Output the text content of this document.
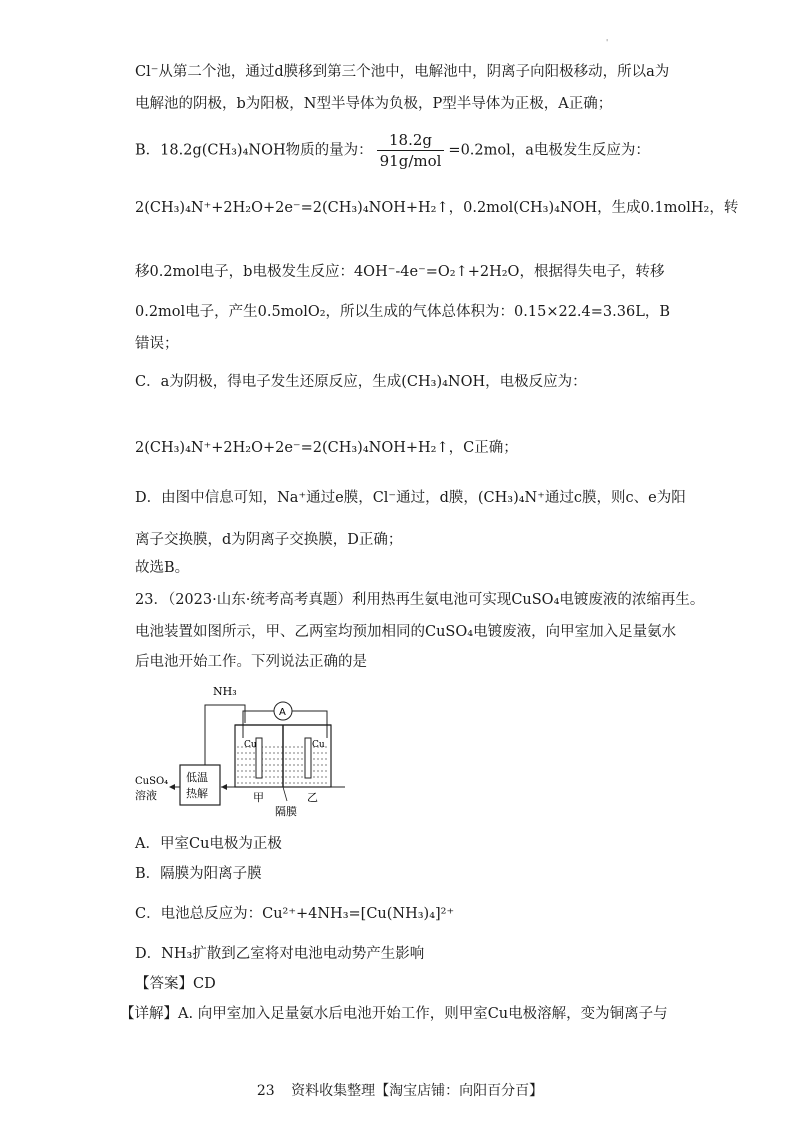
'
Cl⁻从第二个池，通过d膜移到第三个池中，电解池中，阴离子向阳极移动，所以a为
电解池的阴极，b为阳极，N型半导体为负极，P型半导体为正极，A正确；
B．18.2g(CH₃)₄NOH物质的量为： $\frac{18.2g}{\text{91g/mol}} =0.2mol$，a电极发生反应为：
2(CH₃)₄N⁺+2H₂O+2e⁻=2(CH₃)₄NOH+H₂↑，0.2mol(CH₃)₄NOH，生成0.1molH₂，转
移0.2mol电子，b电极发生反应：4OH⁻-4e⁻=O₂↑+2H₂O，根据得失电子，转移
0.2mol电子，产生0.5molO₂，所以生成的气体总体积为：0.15×22.4=3.36L，B
错误；
C．a为阴极，得电子发生还原反应，生成(CH₃)₄NOH，电极反应为：
2(CH₃)₄N⁺+2H₂O+2e⁻=2(CH₃)₄NOH+H₂↑，C正确；
D．由图中信息可知，Na⁺通过e膜，Cl⁻通过，d膜，(CH₃)₄N⁺通过c膜，则c、e为阳
离子交换膜，d为阴离子交换膜，D正确；
故选B。
23．（2023·山东·统考高考真题）利用热再生氨电池可实现CuSO₄电镀废液的浓缩再生。
电池装置如图所示，甲、乙两室均预加相同的CuSO₄电镀废液，向甲室加入足量氨水
后电池开始工作。下列说法正确的是
NH₃
A
Cu	Cu
低温
热解
CuSO₄
溶液	甲	乙
隔膜
A．甲室Cu电极为正极
B．隔膜为阳离子膜
C．电池总反应为：Cu²⁺+4NH₃=[Cu(NH₃)₄]²⁺
D．NH₃扩散到乙室将对电池电动势产生影响
【答案】CD
【详解】A. 向甲室加入足量氨水后电池开始工作，则甲室Cu电极溶解，变为铜离子与
23 资料收集整理【淘宝店铺：向阳百分百】
